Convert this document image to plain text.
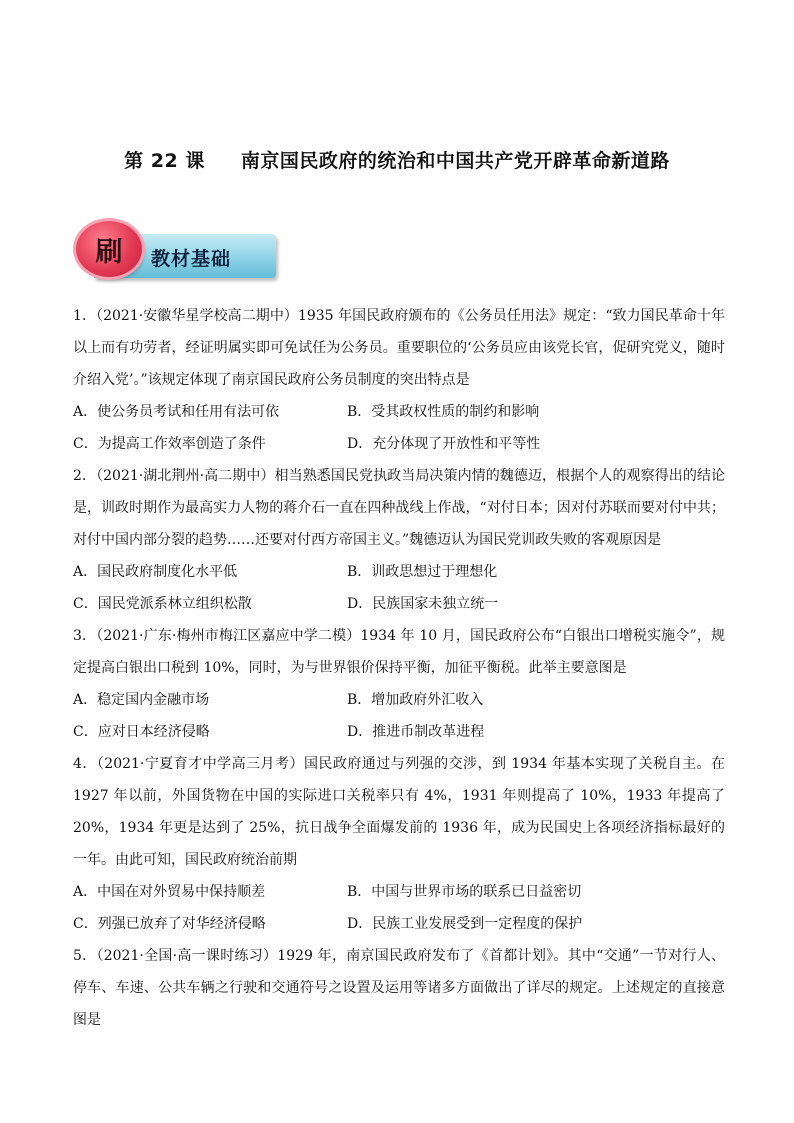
第 22 课 南京国民政府的统治和中国共产党开辟革命新道路
刷 教材基础

1．（2021·安徽华星学校高二期中）1935 年国民政府颁布的《公务员任用法》规定：“致力国民革命十年以上而有功劳者，经证明属实即可免试任为公务员。重要职位的‘公务员应由该党长官，促研究党义，随时介绍入党’。”该规定体现了南京国民政府公务员制度的突出特点是

A．使公务员考试和任用有法可依	B．受其政权性质的制约和影响
C．为提高工作效率创造了条件	D．充分体现了开放性和平等性

2．（2021·湖北荆州·高二期中）相当熟悉国民党执政当局决策内情的魏德迈，根据个人的观察得出的结论是，训政时期作为最高实力人物的蒋介石一直在四种战线上作战，“对付日本；因对付苏联而要对付中共；对付中国内部分裂的趋势……还要对付西方帝国主义。”魏德迈认为国民党训政失败的客观原因是

A．国民政府制度化水平低	B．训政思想过于理想化
C．国民党派系林立组织松散	D．民族国家未独立统一

3．（2021·广东·梅州市梅江区嘉应中学二模）1934 年 10 月，国民政府公布“白银出口增税实施令”，规定提高白银出口税到 10%，同时，为与世界银价保持平衡，加征平衡税。此举主要意图是

A．稳定国内金融市场	B．增加政府外汇收入
C．应对日本经济侵略	D．推进币制改革进程

4．（2021·宁夏育才中学高三月考）国民政府通过与列强的交涉，到 1934 年基本实现了关税自主。在 1927 年以前，外国货物在中国的实际进口关税率只有 4%，1931 年则提高了 10%，1933 年提高了 20%，1934 年更是达到了 25%，抗日战争全面爆发前的 1936 年，成为民国史上各项经济指标最好的一年。由此可知，国民政府统治前期

A．中国在对外贸易中保持顺差	B．中国与世界市场的联系已日益密切
C．列强已放弃了对华经济侵略	D．民族工业发展受到一定程度的保护

5．（2021·全国·高一课时练习）1929 年，南京国民政府发布了《首都计划》。其中“交通”一节对行人、停车、车速、公共车辆之行驶和交通符号之设置及运用等诸多方面做出了详尽的规定。上述规定的直接意图是
